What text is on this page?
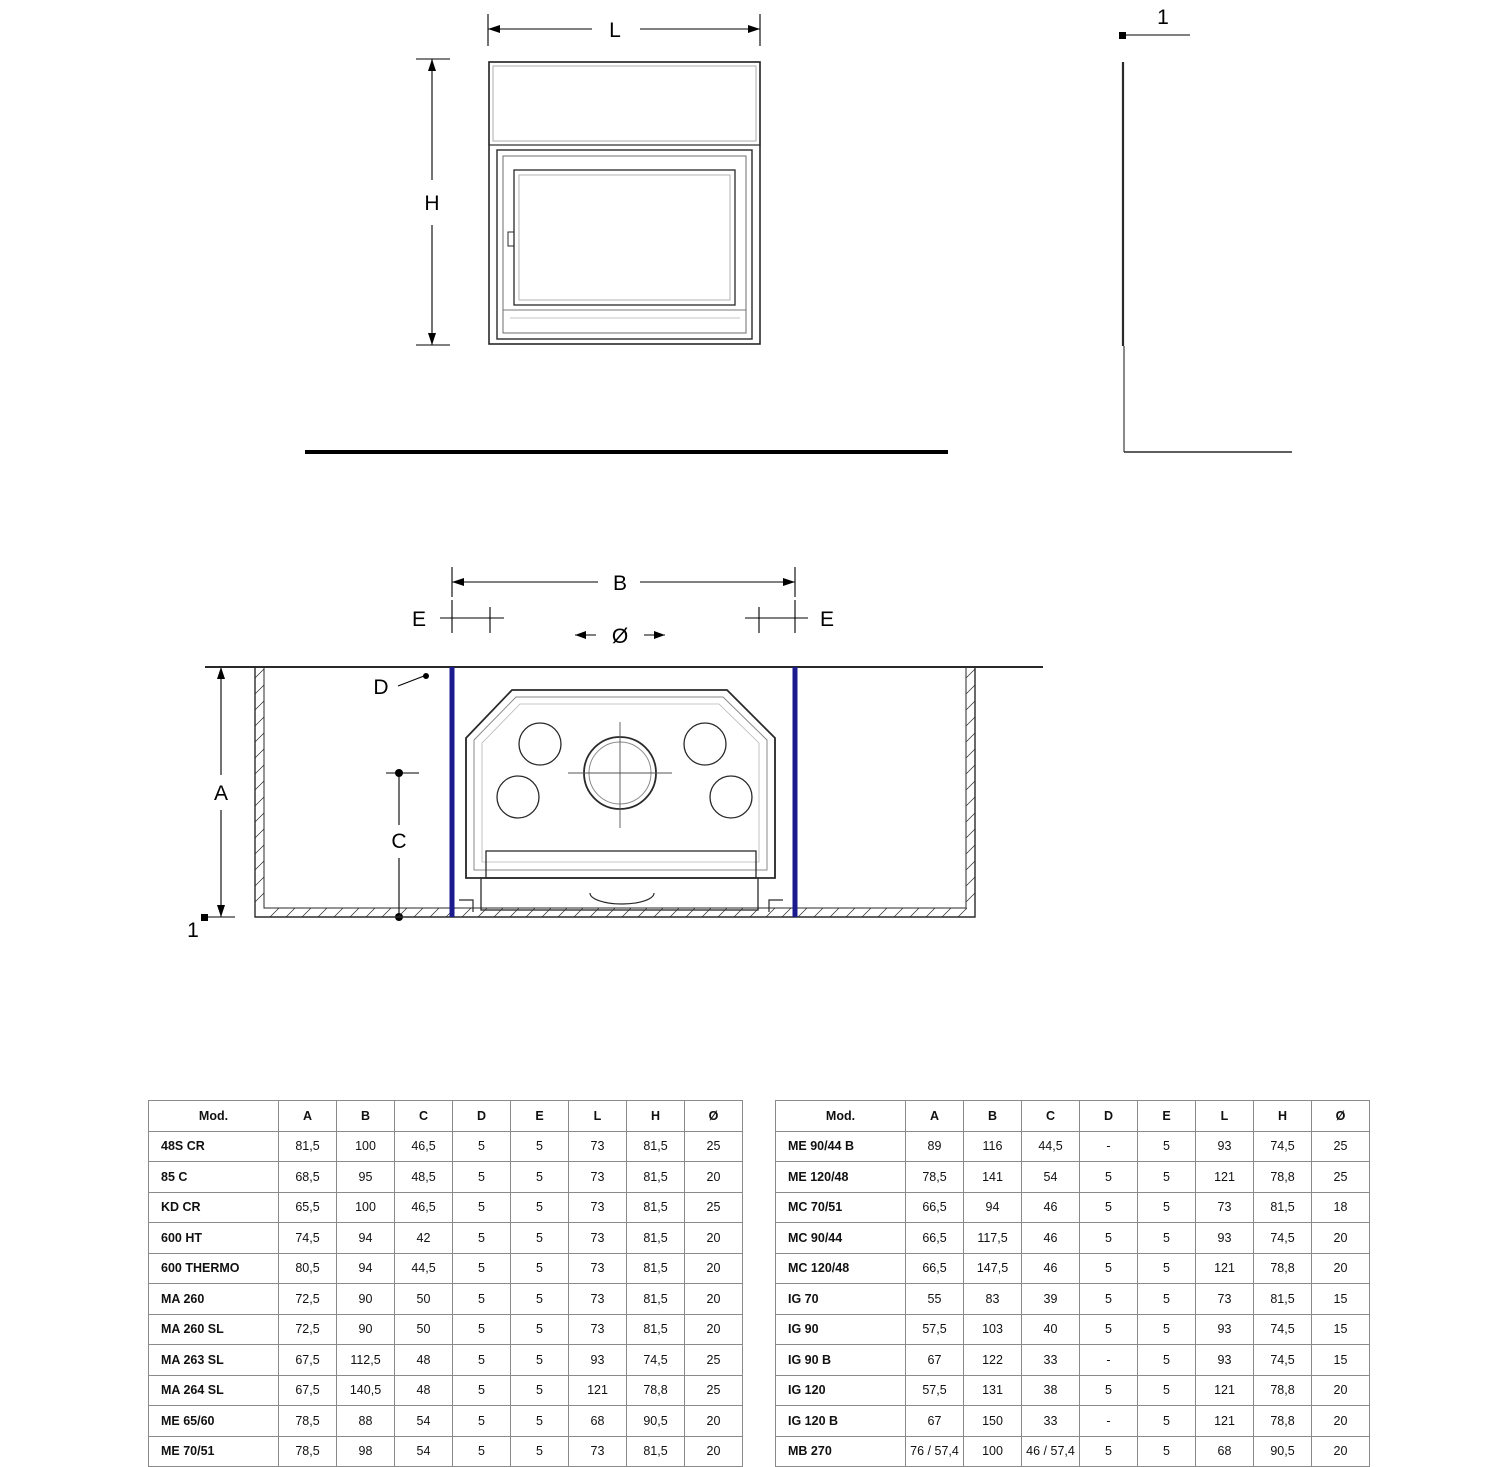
L
H
1
B
E	E
Ø
D
A
C
1
Mod.	A	B	C	D	E	L	H	Ø
48S CR	81,5	100	46,5	5	5	73	81,5	25
85 C	68,5	95	48,5	5	5	73	81,5	20
KD CR	65,5	100	46,5	5	5	73	81,5	25
600 HT	74,5	94	42	5	5	73	81,5	20
600 THERMO	80,5	94	44,5	5	5	73	81,5	20
MA 260	72,5	90	50	5	5	73	81,5	20
MA 260 SL	72,5	90	50	5	5	73	81,5	20
MA 263 SL	67,5	112,5	48	5	5	93	74,5	25
MA 264 SL	67,5	140,5	48	5	5	121	78,8	25
ME 65/60	78,5	88	54	5	5	68	90,5	20
ME 70/51	78,5	98	54	5	5	73	81,5	20
Mod.	A	B	C	D	E	L	H	Ø
ME 90/44 B	89	116	44,5	-	5	93	74,5	25
ME 120/48	78,5	141	54	5	5	121	78,8	25
MC 70/51	66,5	94	46	5	5	73	81,5	18
MC 90/44	66,5	117,5	46	5	5	93	74,5	20
MC 120/48	66,5	147,5	46	5	5	121	78,8	20
IG 70	55	83	39	5	5	73	81,5	15
IG 90	57,5	103	40	5	5	93	74,5	15
IG 90 B	67	122	33	-	5	93	74,5	15
IG 120	57,5	131	38	5	5	121	78,8	20
IG 120 B	67	150	33	-	5	121	78,8	20
MB 270	76 / 57,4	100	46 / 57,4	5	5	68	90,5	20
